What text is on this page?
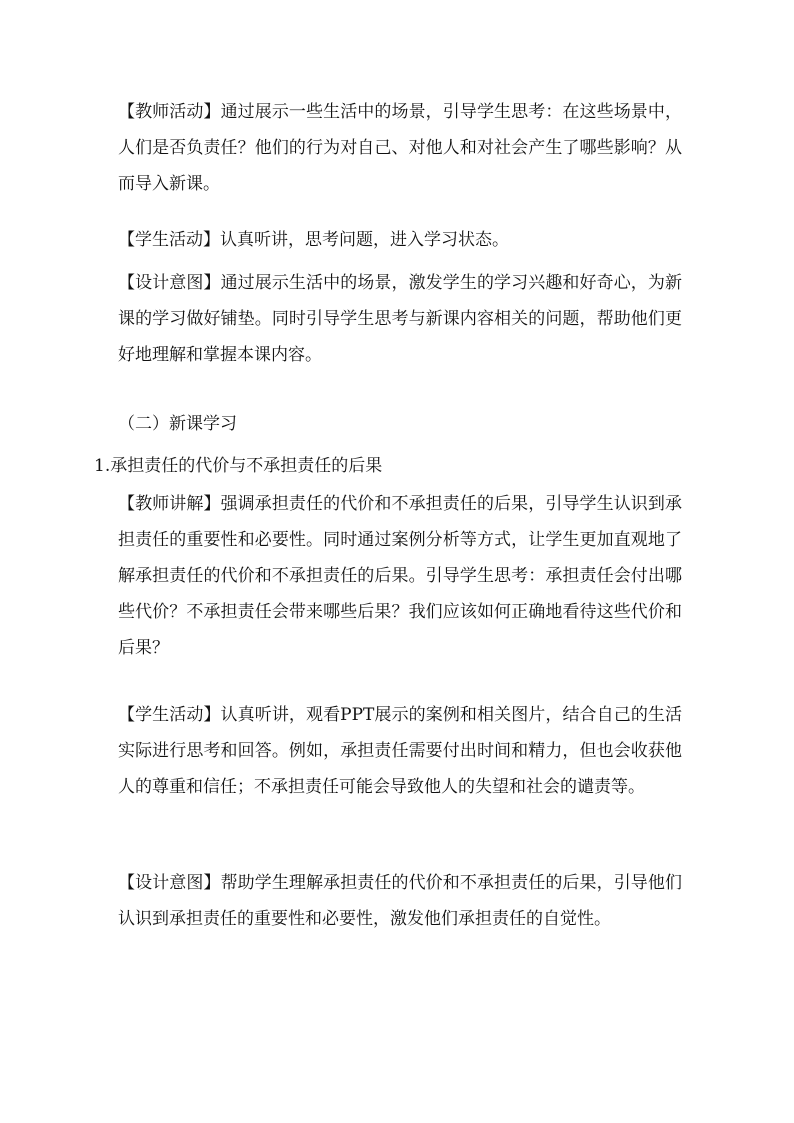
【教师活动】通过展示一些生活中的场景，引导学生思考：在这些场景中，人们是否负责任？他们的行为对自己、对他人和对社会产生了哪些影响？从而导入新课。

【学生活动】认真听讲，思考问题，进入学习状态。

【设计意图】通过展示生活中的场景，激发学生的学习兴趣和好奇心，为新课的学习做好铺垫。同时引导学生思考与新课内容相关的问题，帮助他们更好地理解和掌握本课内容。

（二）新课学习
1.承担责任的代价与不承担责任的后果

【教师讲解】强调承担责任的代价和不承担责任的后果，引导学生认识到承担责任的重要性和必要性。同时通过案例分析等方式，让学生更加直观地了解承担责任的代价和不承担责任的后果。引导学生思考：承担责任会付出哪些代价？不承担责任会带来哪些后果？我们应该如何正确地看待这些代价和后果？

【学生活动】认真听讲，观看PPT展示的案例和相关图片，结合自己的生活实际进行思考和回答。例如，承担责任需要付出时间和精力，但也会收获他人的尊重和信任；不承担责任可能会导致他人的失望和社会的谴责等。

【设计意图】帮助学生理解承担责任的代价和不承担责任的后果，引导他们认识到承担责任的重要性和必要性，激发他们承担责任的自觉性。
